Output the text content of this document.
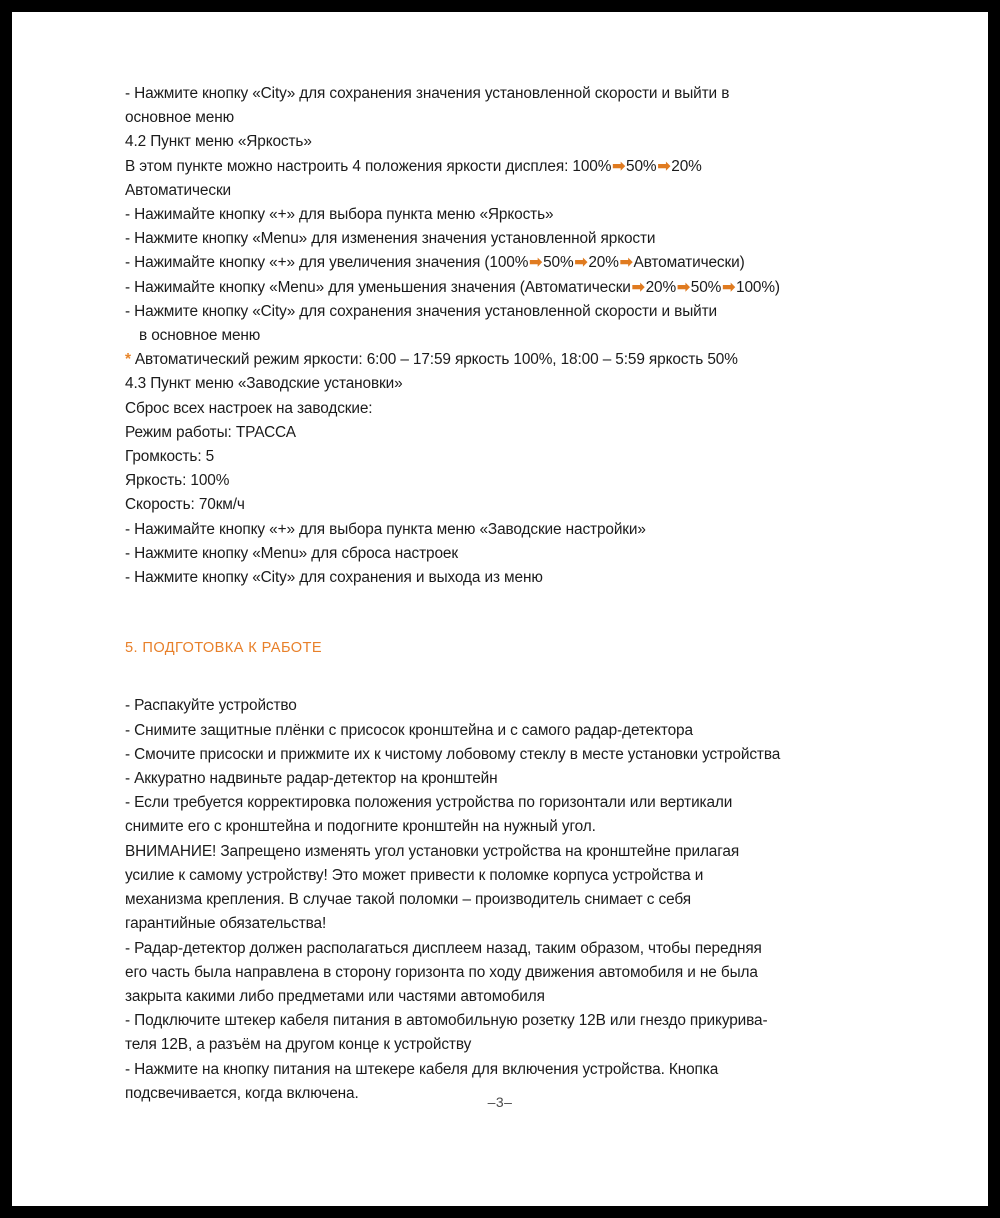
- Нажмите кнопку «City» для сохранения значения установленной скорости и выйти в
основное меню
4.2 Пункт меню «Яркость»
В этом пункте можно настроить 4 положения яркости дисплея: 100%➡50%➡20%
Автоматически
- Нажимайте кнопку «+» для выбора пункта меню «Яркость»
- Нажмите кнопку «Menu» для изменения значения установленной яркости
- Нажимайте кнопку «+» для увеличения значения (100%➡50%➡20%➡Автоматически)
- Нажимайте кнопку «Menu» для уменьшения значения (Автоматически➡20%➡50%➡100%)
- Нажмите кнопку «City» для сохранения значения установленной скорости и выйти
в основное меню
* Автоматический режим яркости: 6:00 – 17:59 яркость 100%, 18:00 – 5:59 яркость 50%
4.3 Пункт меню «Заводские установки»
Сброс всех настроек на заводские:
Режим работы: ТРАССА
Громкость: 5
Яркость: 100%
Скорость: 70км/ч
- Нажимайте кнопку «+» для выбора пункта меню «Заводские настройки»
- Нажмите кнопку «Menu» для сброса настроек
- Нажмите кнопку «City» для сохранения и выхода из меню
5. ПОДГОТОВКА К РАБОТЕ
- Распакуйте устройство
- Снимите защитные плёнки с присосок кронштейна и с самого радар-детектора
- Смочите присоски и прижмите их к чистому лобовому стеклу в месте установки устройства
- Аккуратно надвиньте радар-детектор на кронштейн
- Если требуется корректировка положения устройства по горизонтали или вертикали
снимите его с кронштейна и подогните кронштейн на нужный угол.
ВНИМАНИЕ! Запрещено изменять угол установки устройства на кронштейне прилагая
усилие к самому устройству! Это может привести к поломке корпуса устройства и
механизма крепления. В случае такой поломки – производитель снимает с себя
гарантийные обязательства!
- Радар-детектор должен располагаться дисплеем назад, таким образом, чтобы передняя
его часть была направлена в сторону горизонта по ходу движения автомобиля и не была
закрыта какими либо предметами или частями автомобиля
- Подключите штекер кабеля питания в автомобильную розетку 12В или гнездо прикурива-
теля 12В, а разъём на другом конце к устройству
- Нажмите на кнопку питания на штекере кабеля для включения устройства. Кнопка
подсвечивается, когда включена.
–3–
